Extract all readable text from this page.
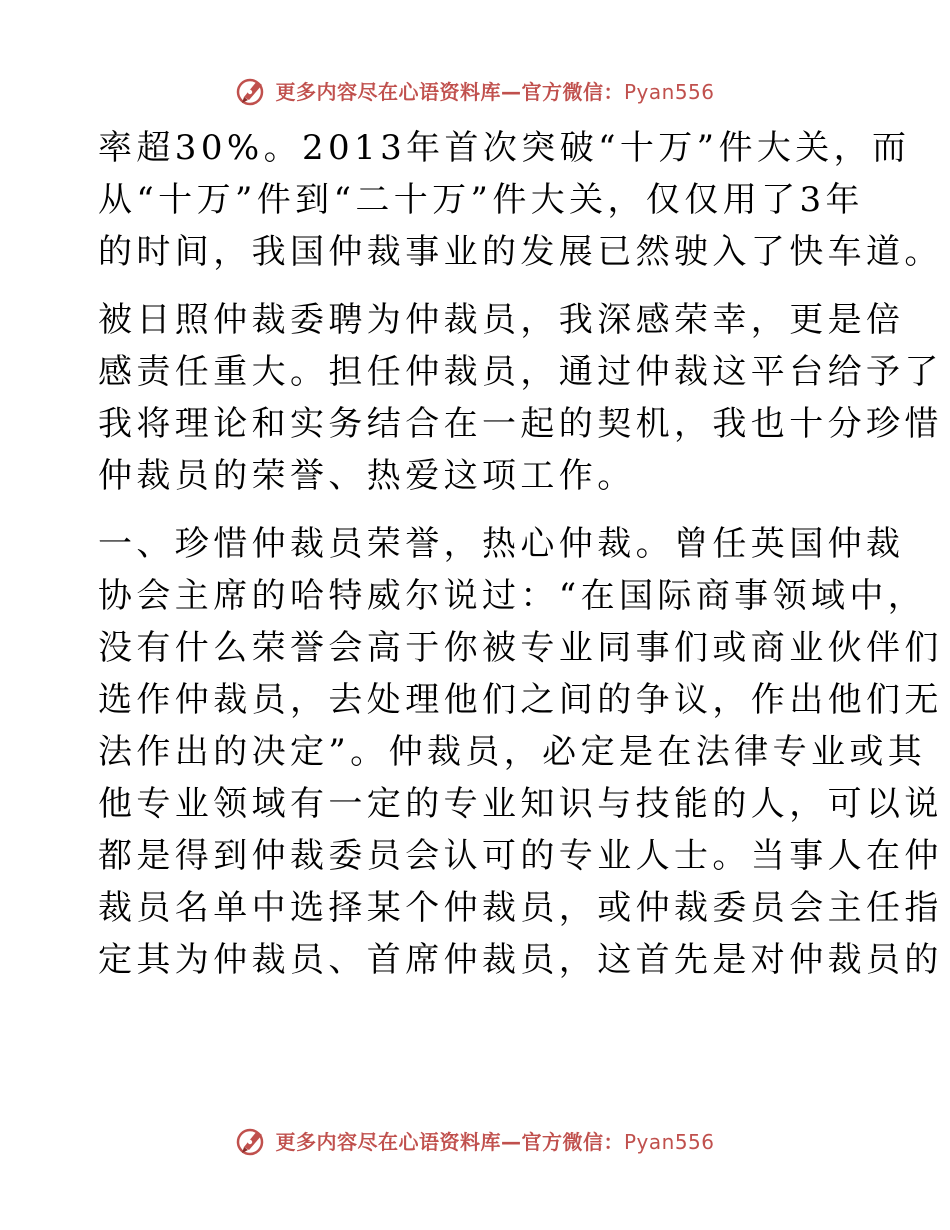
更多内容尽在心语资料库—官方微信：Pyan556
率超30%。2013年首次突破“十万”件大关，而
从“十万”件到“二十万”件大关，仅仅用了3年
的时间，我国仲裁事业的发展已然驶入了快车道。
被日照仲裁委聘为仲裁员，我深感荣幸，更是倍
感责任重大。担任仲裁员，通过仲裁这平台给予了
我将理论和实务结合在一起的契机，我也十分珍惜
仲裁员的荣誉、热爱这项工作。
一、珍惜仲裁员荣誉，热心仲裁。曾任英国仲裁
协会主席的哈特威尔说过：“在国际商事领域中，
没有什么荣誉会高于你被专业同事们或商业伙伴们
选作仲裁员，去处理他们之间的争议，作出他们无
法作出的决定”。仲裁员，必定是在法律专业或其
他专业领域有一定的专业知识与技能的人，可以说
都是得到仲裁委员会认可的专业人士。当事人在仲
裁员名单中选择某个仲裁员，或仲裁委员会主任指
定其为仲裁员、首席仲裁员，这首先是对仲裁员的
更多内容尽在心语资料库—官方微信：Pyan556
